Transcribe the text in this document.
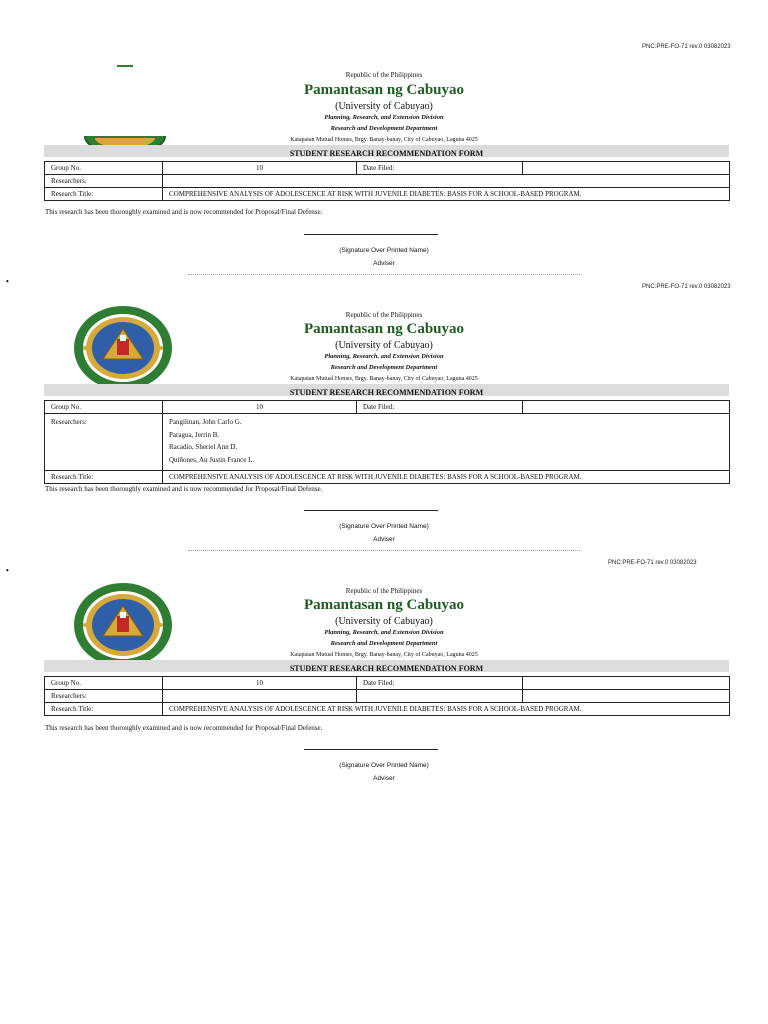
PNC:PRE-FO-71 rev.0 03082023
Republic of the Philippines
Pamantasan ng Cabuyao
(University of Cabuyao)
Planning, Research, and Extension Division
Research and Development Department
Katapatan Mutual Homes, Brgy. Banay-banay, City of Cabuyao, Laguna 4025
STUDENT RESEARCH RECOMMENDATION FORM
Group No.	10	Date Filed:	
Researchers:			
Research Title:	COMPREHENSIVE ANALYSIS OF ADOLESCENCE AT RISK WITH JUVENILE DIABETES: BASIS FOR A SCHOOL-BASED PROGRAM.		
This research has been thoroughly examined and is now recommended for Proposal/Final Defense.
(Signature Over Printed Name)
Adviser
•
PNC:PRE-FO-71 rev.0 03082023
Republic of the Philippines
Pamantasan ng Cabuyao
(University of Cabuyao)
Planning, Research, and Extension Division
Research and Development Department
Katapatan Mutual Homes, Brgy. Banay-banay, City of Cabuyao, Laguna 4025
STUDENT RESEARCH RECOMMENDATION FORM
Group No.	10	Date Filed:	
Researchers:	Pangilinan, John Carlo G.
Paragua, Jerrin B.
Racadio, Sheriel Ann D.
Quiñones, Au Justin France L.		

Research Title:	COMPREHENSIVE ANALYSIS OF ADOLESCENCE AT RISK WITH JUVENILE DIABETES: BASIS FOR A SCHOOL-BASED PROGRAM.		
This research has been thoroughly examined and is now recommended for Proposal/Final Defense.
(Signature Over Printed Name)
Adviser
•
PNC:PRE-FO-71 rev.0 03082023
Republic of the Philippines
Pamantasan ng Cabuyao
(University of Cabuyao)
Planning, Research, and Extension Division
Research and Development Department
Katapatan Mutual Homes, Brgy. Banay-banay, City of Cabuyao, Laguna 4025
STUDENT RESEARCH RECOMMENDATION FORM
Group No.	10	Date Filed:	
Researchers:			
Research Title:	COMPREHENSIVE ANALYSIS OF ADOLESCENCE AT RISK WITH JUVENILE DIABETES: BASIS FOR A SCHOOL-BASED PROGRAM.		
This research has been thoroughly examined and is now recommended for Proposal/Final Defense.
(Signature Over Printed Name)
Adviser
